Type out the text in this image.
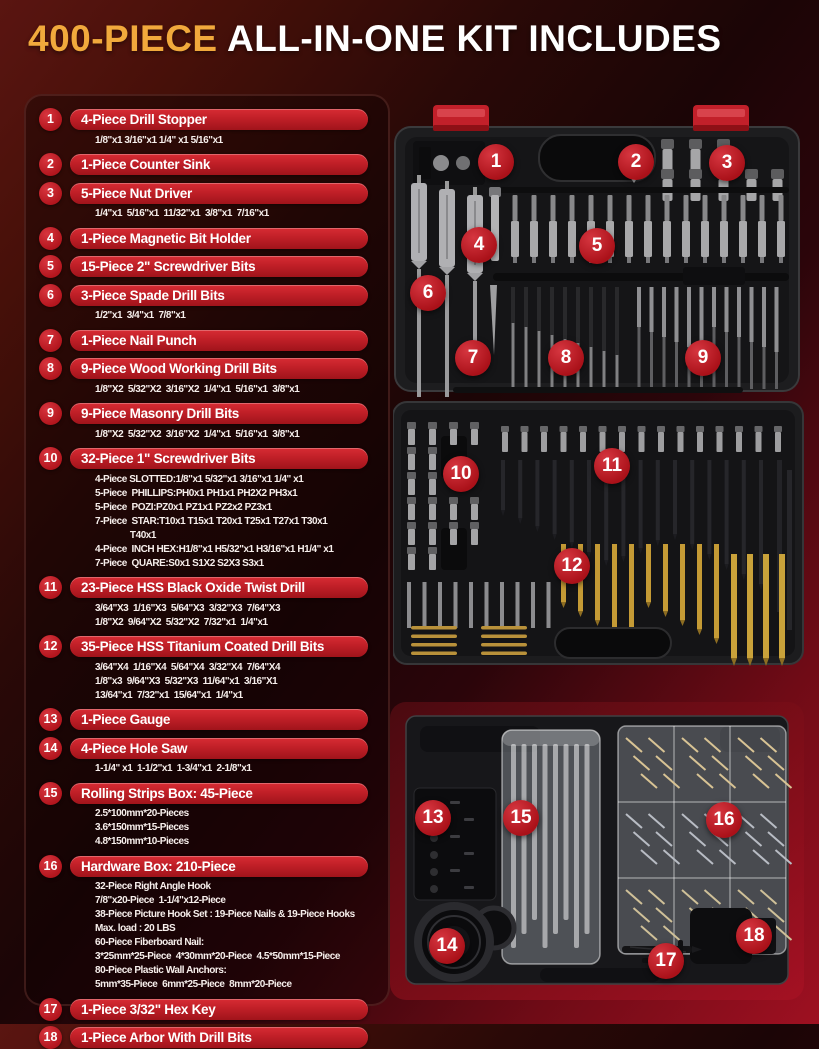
400-PIECE ALL-IN-ONE KIT INCLUDES
1	4-Piece Drill Stopper
1/8"x1 3/16"x1 1/4" x1 5/16"x1
2	1-Piece Counter Sink
3	5-Piece Nut Driver
1/4"x1  5/16"x1  11/32"x1  3/8"x1  7/16"x1
4	1-Piece Magnetic Bit Holder
5	15-Piece 2" Screwdriver Bits
6	3-Piece Spade Drill Bits
1/2"x1  3/4"x1  7/8"x1
7	1-Piece Nail Punch
8	9-Piece Wood Working Drill Bits
1/8"X2  5/32"X2  3/16"X2  1/4"x1  5/16"x1  3/8"x1
9	9-Piece Masonry Drill Bits
1/8"X2  5/32"X2  3/16"X2  1/4"x1  5/16"x1  3/8"x1
10	32-Piece 1" Screwdriver Bits
4-Piece SLOTTED:1/8"x1 5/32"x1 3/16"x1 1/4" x1
5-Piece  PHILLIPS:PH0x1 PH1x1 PH2X2 PH3x1
5-Piece  POZI:PZ0x1 PZ1x1 PZ2x2 PZ3x1
7-Piece  STAR:T10x1 T15x1 T20x1 T25x1 T27x1 T30x1
T40x1
4-Piece  INCH HEX:H1/8"x1 H5/32"x1 H3/16"x1 H1/4" x1
7-Piece  QUARE:S0x1 S1X2 S2X3 S3x1
11	23-Piece HSS Black Oxide Twist Drill
3/64"X3  1/16"X3  5/64"X3  3/32"X3  7/64"X3
1/8"X2  9/64"X2  5/32"X2  7/32"x1  1/4"x1
12	35-Piece HSS Titanium Coated Drill Bits
3/64"X4  1/16"X4  5/64"X4  3/32"X4  7/64"X4
1/8"x3  9/64"X3  5/32"X3  11/64"x1  3/16"X1
13/64"x1  7/32"x1  15/64"x1  1/4"x1
13	1-Piece Gauge
14	4-Piece Hole Saw
1-1/4" x1  1-1/2"x1  1-3/4"x1  2-1/8"x1
15	Rolling Strips Box: 45-Piece
2.5*100mm*20-Pieces
3.6*150mm*15-Pieces
4.8*150mm*10-Pieces
16	Hardware Box: 210-Piece
32-Piece Right Angle Hook
7/8"x20-Piece  1-1/4"x12-Piece
38-Piece Picture Hook Set : 19-Piece Nails & 19-Piece Hooks
Max. load : 20 LBS
60-Piece Fiberboard Nail:
3*25mm*25-Piece  4*30mm*20-Piece  4.5*50mm*15-Piece
80-Piece Plastic Wall Anchors:
5mm*35-Piece  6mm*25-Piece  8mm*20-Piece
17	1-Piece 3/32" Hex Key
18	1-Piece Arbor With Drill Bits
1	2	3
4	5
6
7	8	9
10	11
12
13
14
15	16
17
18
